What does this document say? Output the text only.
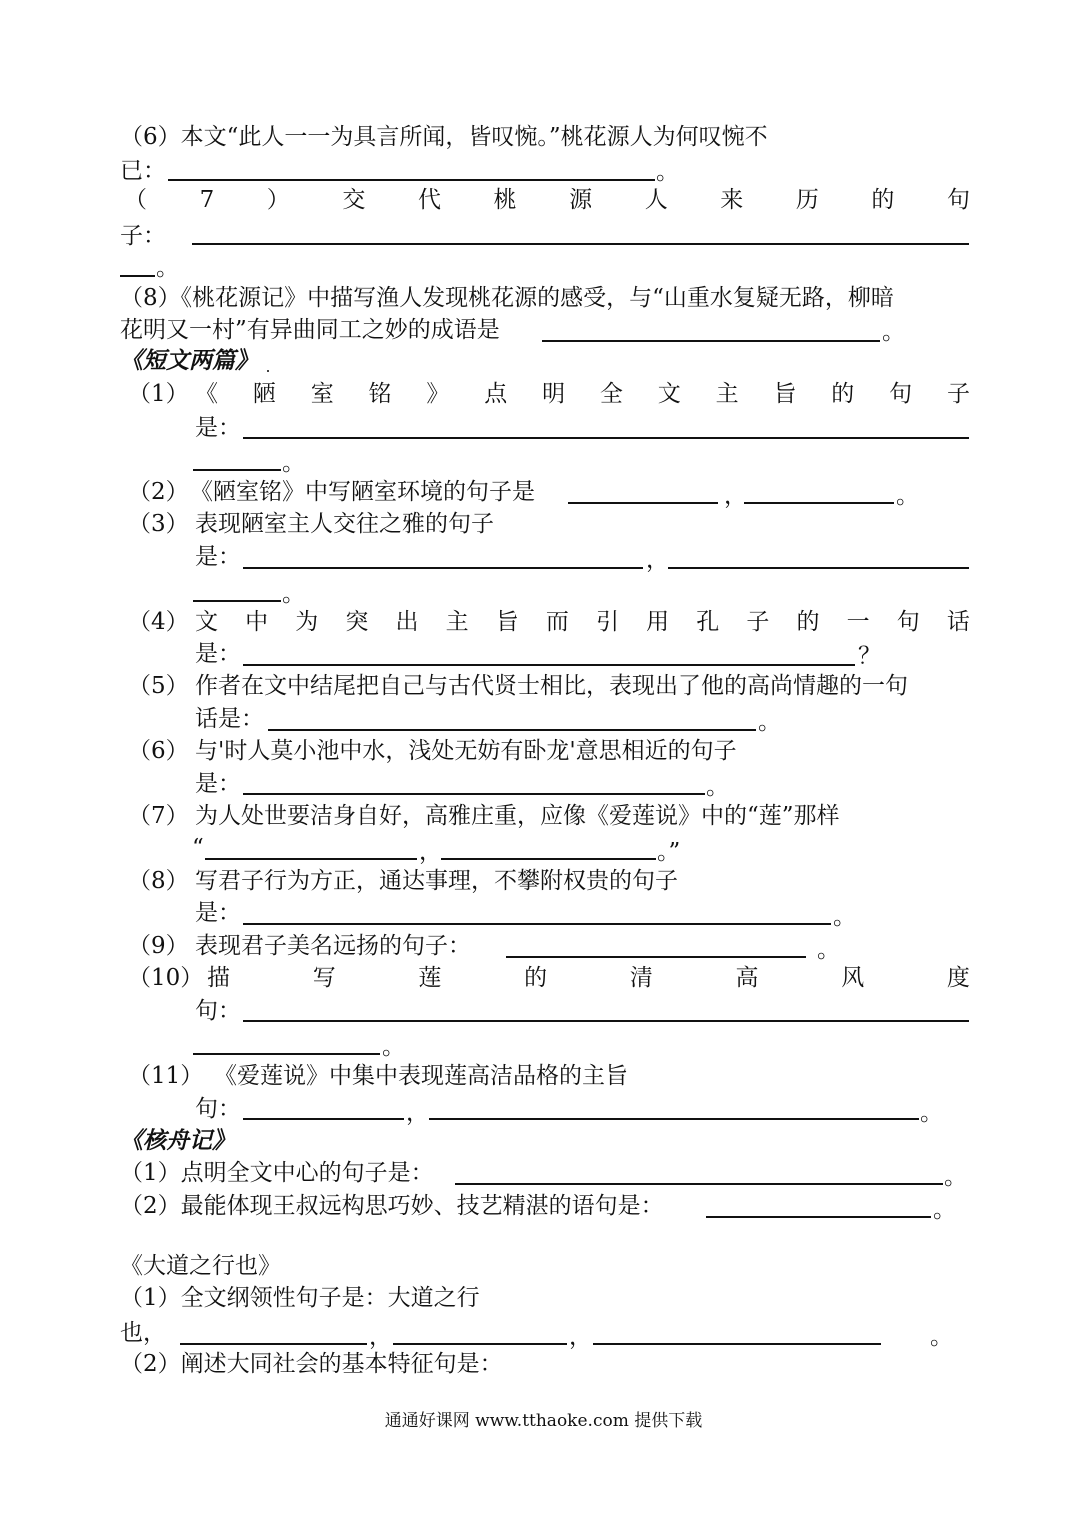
（6）本文“此人一一为具言所闻，皆叹惋。”桃花源人为何叹惋不
已：	。
（ 7 ） 交 代 桃 源 人 来 历 的 句
子：
。
（8）《桃花源记》中描写渔人发现桃花源的感受，与“山重水复疑无路，柳暗
花明又一村”有异曲同工之妙的成语是	。
《短文两篇》
（1） 《 陋 室 铭 》 点 明 全 文 主 旨 的 句 子
是：
。
（2） 《陋室铭》中写陋室环境的句子是	，	。
（3） 表现陋室主人交往之雅的句子
是：	，
。
（4） 文 中 为 突 出 主 旨 而 引 用 孔 子 的 一 句 话
是：	？
（5） 作者在文中结尾把自己与古代贤士相比，表现出了他的高尚情趣的一句
话是：	。
（6） 与'时人莫小池中水，浅处无妨有卧龙'意思相近的句子
是：	。
（7） 为人处世要洁身自好，高雅庄重，应像《爱莲说》中的“莲”那样
“	，	。”
（8） 写君子行为方正，通达事理，不攀附权贵的句子
是：	。
（9） 表现君子美名远扬的句子：	。
（10） 描	写	莲	的	清	高	风	度
句：
。
（11） 《爱莲说》中集中表现莲高洁品格的主旨
句：	，	。
《核舟记》
（1）点明全文中心的句子是：	。
（2）最能体现王叔远构思巧妙、技艺精湛的语句是：	。
《大道之行也》
（1）全文纲领性句子是：大道之行
也，	，	，	。
（2）阐述大同社会的基本特征句是：
通通好课网 www.tthaoke.com 提供下载
